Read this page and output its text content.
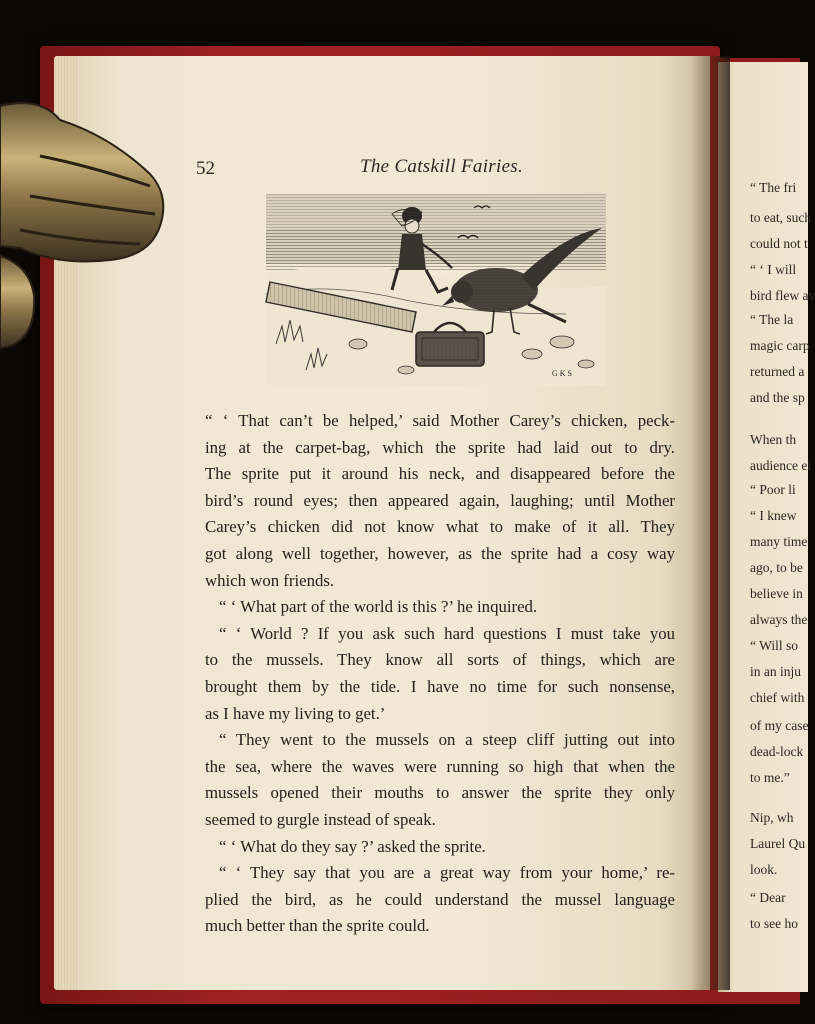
52	The Catskill Fairies.
G K S
“ ‘ That can’t be helped,’ said Mother Carey’s chicken, peck-
ing at the carpet-bag, which the sprite had laid out to dry.
The sprite put it around his neck, and disappeared before the
bird’s round eyes; then appeared again, laughing; until Mother
Carey’s chicken did not know what to make of it all. They
got along well together, however, as the sprite had a cosy way
which won friends.
“ ‘ What part of the world is this ?’ he inquired.
“ ‘ World ? If you ask such hard questions I must take you
to the mussels. They know all sorts of things, which are
brought them by the tide. I have no time for such nonsense,
as I have my living to get.’
“ They went to the mussels on a steep cliff jutting out into
the sea, where the waves were running so high that when the
mussels opened their mouths to answer the sprite they only
seemed to gurgle instead of speak.
“ ‘ What do they say ?’ asked the sprite.
“ ‘ They say that you are a great way from your home,’ re-
plied the bird, as he could understand the mussel language
much better than the sprite could.
“ The fri
to eat, such
could not t
“ ‘ I will
bird flew av
“ The la
magic carp
returned a
and the sp
When th
audience el
“ Poor li
“ I knew
many time
ago, to be
believe in
always the
“ Will so
in an inju
chief with
of my case
dead-lock
to me.”
Nip, wh
Laurel Qu
look.
“ Dear
to see ho
